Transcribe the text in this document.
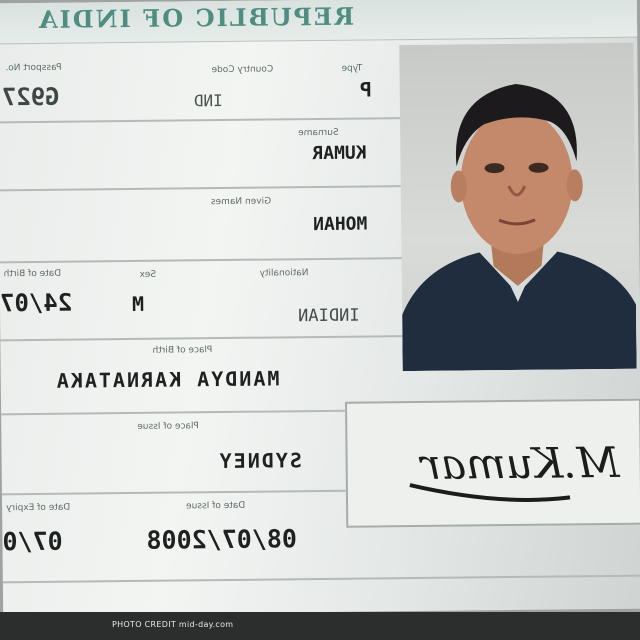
REPUBLIC OF INDIA
Type
P
Country Code
IND
Passport No.
G927
Surname
KUMAR
Given Names
MOHAN
Nationality
INDIAN
Sex
M
Date of Birth
24/07
Place of Birth
MANDYA KARNATAKA
Place of Issue
SYDNEY
Date of Issue
08/07/2008
Date of Expiry
07/0
M.Kumar
PHOTO CREDIT mid-day.com
